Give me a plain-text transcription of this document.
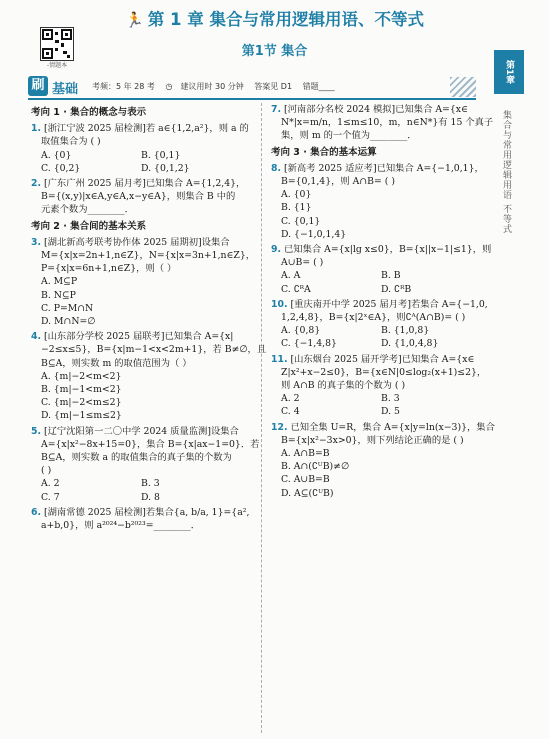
-情题本
🏃 第 1 章 集合与常用逻辑用语、不等式
第1节 集合
第1章
集合与常用逻辑用语 不等式
刷 基础 考频：5 年 28 考 ◷ 建议用时 30 分钟 答案见 D1 错题____
考向 1 · 集合的概念与表示
1. [浙江宁波 2025 届检测]若 a∈{1,2,a²}，则 a 的
取值集合为 ( )
A. {0}	B. {0,1}
C. {0,2}	D. {0,1,2}
2. [广东广州 2025 届月考]已知集合 A={1,2,4}，
B={(x,y)|x∈A,y∈A,x−y∈A}，则集合 B 中的
元素个数为________．
考向 2 · 集合间的基本关系
3. [湖北新高考联考协作体 2025 届期初]设集合
M={x|x=2n+1,n∈Z}，N={x|x=3n+1,n∈Z}，
P={x|x=6n+1,n∈Z}，则（ ）
A. M⊆P
B. N⊆P
C. P=M∩N
D. M∩N=∅
4. [山东部分学校 2025 届联考]已知集合 A={x|
−2≤x≤5}，B={x|m−1<x<2m+1}，若 B≠∅，且
B⊆A，则实数 m 的取值范围为（ ）
A. {m|−2<m<2}
B. {m|−1<m<2}
C. {m|−2<m≤2}
D. {m|−1≤m≤2}
5. [辽宁沈阳第一二〇中学 2024 质量监测]设集合
A={x|x²−8x+15=0}，集合 B={x|ax−1=0}．若
B⊆A，则实数 a 的取值集合的真子集的个数为
( )
A. 2	B. 3
C. 7	D. 8
6. [湖南常德 2025 届检测]若集合{a, b/a, 1}={a²,
a+b,0}，则 a²⁰²⁴−b²⁰²³=________．
7. [河南部分名校 2024 模拟]已知集合 A={x∈
N*|x=m/n，1≤m≤10，m，n∈N*}有 15 个真子
集，则 m 的一个值为________．
考向 3 · 集合的基本运算
8. [新高考 2025 适应考]已知集合 A={−1,0,1}，
B={0,1,4}，则 A∩B= ( )
A. {0}
B. {1}
C. {0,1}
D. {−1,0,1,4}
9. 已知集合 A={x|lg x≤0}，B={x||x−1|≤1}，则
A∪B= ( )
A. A	B. B
C. ∁ᴿA	D. ∁ᴿB
10. [重庆南开中学 2025 届月考]若集合 A={−1,0,
1,2,4,8}，B={x|2ˣ∈A}，则∁ᴬ(A∩B)= ( )
A. {0,8}	B. {1,0,8}
C. {−1,4,8}	D. {1,0,4,8}
11. [山东烟台 2025 届开学考]已知集合 A={x∈
Z|x²+x−2≤0}，B={x∈N|0≤log₂(x+1)≤2}，
则 A∩B 的真子集的个数为 ( )
A. 2	B. 3
C. 4	D. 5
12. 已知全集 U=R，集合 A={x|y=ln(x−3)}，集合
B={x|x²−3x>0}，则下列结论正确的是 ( )
A. A∩B=B
B. A∩(∁ᵁB)≠∅
C. A∪B=B
D. A⊆(∁ᵁB)
